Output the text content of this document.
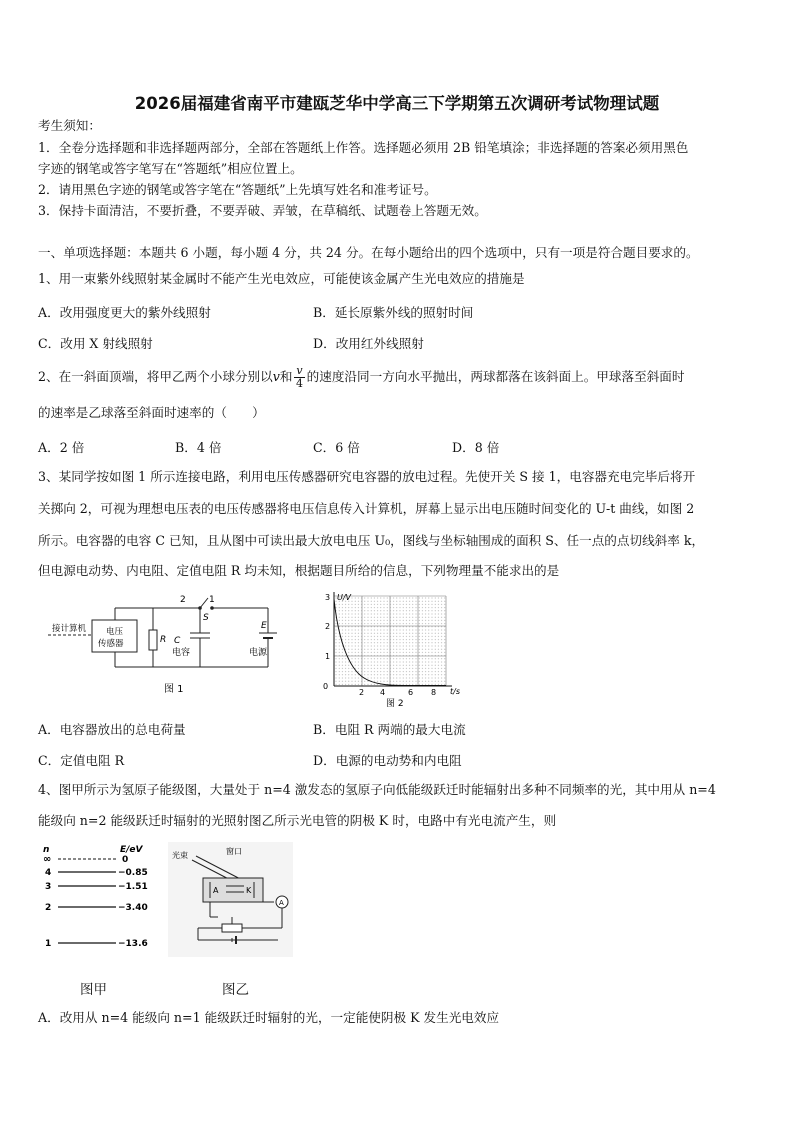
2026届福建省南平市建瓯芝华中学高三下学期第五次调研考试物理试题
考生须知：
1．全卷分选择题和非选择题两部分，全部在答题纸上作答。选择题必须用 2B 铅笔填涂；非选择题的答案必须用黑色
字迹的钢笔或答字笔写在“答题纸”相应位置上。
2．请用黑色字迹的钢笔或答字笔在“答题纸”上先填写姓名和准考证号。
3．保持卡面清洁，不要折叠，不要弄破、弄皱，在草稿纸、试题卷上答题无效。
一、单项选择题：本题共 6 小题，每小题 4 分，共 24 分。在每小题给出的四个选项中，只有一项是符合题目要求的。
1、用一束紫外线照射某金属时不能产生光电效应，可能使该金属产生光电效应的措施是
A．改用强度更大的紫外线照射	B．延长原紫外线的照射时间
C．改用 X 射线照射	D．改用红外线照射
2、在一斜面顶端，将甲乙两个小球分别以v和 $\frac{v}{4}$ 的速度沿同一方向水平抛出，两球都落在该斜面上。甲球落至斜面时
的速率是乙球落至斜面时速率的（　　）
A．2 倍	B．4 倍	C．6 倍	D．8 倍
3、某同学按如图 1 所示连接电路，利用电压传感器研究电容器的放电过程。先使开关 S 接 1，电容器充电完毕后将开
关掷向 2，可视为理想电压表的电压传感器将电压信息传入计算机，屏幕上显示出电压随时间变化的 U-t 曲线，如图 2
所示。电容器的电容 C 已知，且从图中可读出最大放电电压 U₀，图线与坐标轴围成的面积 S、任一点的点切线斜率 k，
但电源电动势、内电阻、定值电阻 R 均未知，根据题目所给的信息，下列物理量不能求出的是
接计算机 电压
传感器	R C
电容
E
电源
S
2	1
图 1
U/V
t/s
0
1
2
3
2 4	6 8
图 2
A．电容器放出的总电荷量	B．电阻 R 两端的最大电流
C．定值电阻 R	D．电源的电动势和内电阻
4、图甲所示为氢原子能级图，大量处于 n=4 激发态的氢原子向低能级跃迁时能辐射出多种不同频率的光，其中用从 n=4
能级向 n=2 能级跃迁时辐射的光照射图乙所示光电管的阴极 K 时，电路中有光电流产生，则
n	E/eV
∞	0
4	−0.85
3	−1.51
2	−3.40
1	−13.6
光束	窗口
A	K
A
图甲	图乙
A．改用从 n=4 能级向 n=1 能级跃迁时辐射的光，一定能使阴极 K 发生光电效应
